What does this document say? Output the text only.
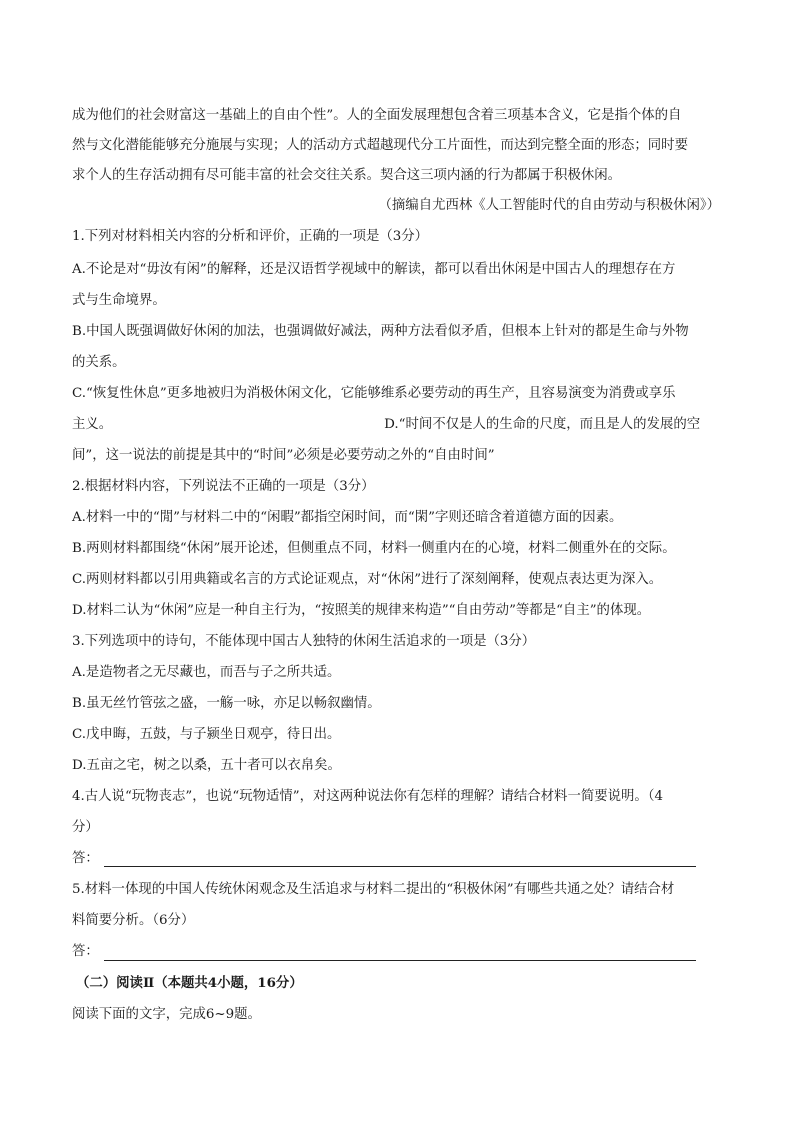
成为他们的社会财富这一基础上的自由个性”。人的全面发展理想包含着三项基本含义，它是指个体的自
然与文化潜能能够充分施展与实现；人的活动方式超越现代分工片面性，而达到完整全面的形态；同时要
求个人的生存活动拥有尽可能丰富的社会交往关系。契合这三项内涵的行为都属于积极休闲。
（摘编自尤西林《人工智能时代的自由劳动与积极休闲》）
1.下列对材料相关内容的分析和评价，正确的一项是（3分）
A.不论是对“毋汝有闲”的解释，还是汉语哲学视域中的解读，都可以看出休闲是中国古人的理想存在方
式与生命境界。
B.中国人既强调做好休闲的加法，也强调做好减法，两种方法看似矛盾，但根本上针对的都是生命与外物
的关系。
C.“恢复性休息”更多地被归为消极休闲文化，它能够维系必要劳动的再生产，且容易演变为消费或享乐
主义。	D.“时间不仅是人的生命的尺度，而且是人的发展的空
间”，这一说法的前提是其中的“时间”必须是必要劳动之外的“自由时间”
2.根据材料内容，下列说法不正确的一项是（3分）
A.材料一中的“閒”与材料二中的“闲暇”都指空闲时间，而“閑”字则还暗含着道德方面的因素。
B.两则材料都围绕“休闲”展开论述，但侧重点不同，材料一侧重内在的心境，材料二侧重外在的交际。
C.两则材料都以引用典籍或名言的方式论证观点，对“休闲”进行了深刻阐释，使观点表达更为深入。
D.材料二认为“休闲”应是一种自主行为，“按照美的规律来构造”“自由劳动”等都是“自主”的体现。
3.下列选项中的诗句，不能体现中国古人独特的休闲生活追求的一项是（3分）
A.是造物者之无尽藏也，而吾与子之所共适。
B.虽无丝竹管弦之盛，一觞一咏，亦足以畅叙幽情。
C.戊申晦，五鼓，与子颍坐日观亭，待日出。
D.五亩之宅，树之以桑，五十者可以衣帛矣。
4.古人说“玩物丧志”，也说“玩物适情”，对这两种说法你有怎样的理解？请结合材料一简要说明。（4
分）
答：
5.材料一体现的中国人传统休闲观念及生活追求与材料二提出的“积极休闲”有哪些共通之处？请结合材
料简要分析。（6分）
答：
（二）阅读Ⅱ（本题共4小题，16分）
阅读下面的文字，完成6~9题。
